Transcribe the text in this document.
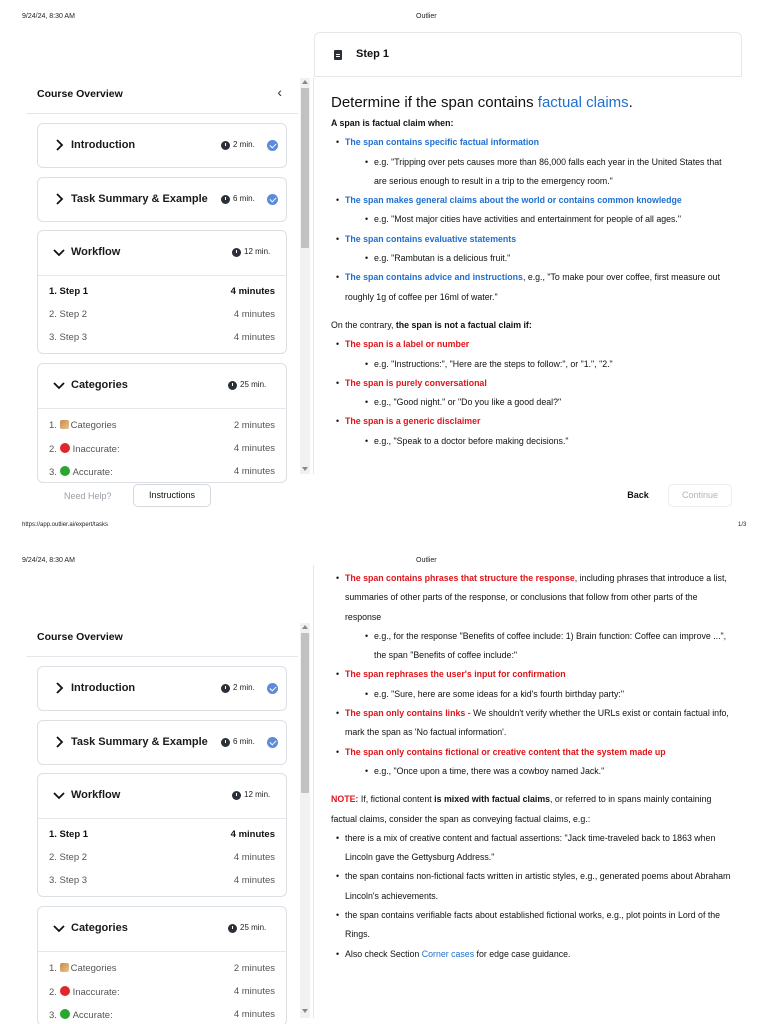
9/24/24, 8:30 AM	Outlier
Course Overview	‹
Introduction	2 min.
Task Summary & Example	6 min.
Workflow	12 min.
1. Step 1	4 minutes
2. Step 2	4 minutes
3. Step 3	4 minutes
Categories	25 min.
1. Categories	2 minutes
2. Inaccurate:	4 minutes
3. Accurate:	4 minutes
Step 1
Determine if the span contains factual claims.
A span is factual claim when:
• The span contains specific factual information
• e.g. "Tripping over pets causes more than 86,000 falls each year in the United States that are serious enough to result in a trip to the emergency room."
• The span makes general claims about the world or contains common knowledge
• e.g. "Most major cities have activities and entertainment for people of all ages."
• The span contains evaluative statements
• e.g. "Rambutan is a delicious fruit."
• The span contains advice and instructions, e.g., "To make pour over coffee, first measure out roughly 1g of coffee per 16ml of water."
On the contrary, the span is not a factual claim if:
• The span is a label or number
• e.g. "Instructions:", "Here are the steps to follow:", or "1.", "2."
• The span is purely conversational
• e.g., "Good night." or "Do you like a good deal?"
• The span is a generic disclaimer
• e.g., "Speak to a doctor before making decisions."
Need Help?	Instructions	Back	Continue
https://app.outlier.ai/expert/tasks	1/3
9/24/24, 8:30 AM	Outlier
Course Overview
Introduction	2 min.
Task Summary & Example	6 min.
Workflow	12 min.
1. Step 1	4 minutes
2. Step 2	4 minutes
3. Step 3	4 minutes
Categories	25 min.
1. Categories	2 minutes
2. Inaccurate:	4 minutes
3. Accurate:	4 minutes
• The span contains phrases that structure the response, including phrases that introduce a list, summaries of other parts of the response, or conclusions that follow from other parts of the response
• e.g., for the response "Benefits of coffee include: 1) Brain function: Coffee can improve ...", the span "Benefits of coffee include:"
• The span rephrases the user's input for confirmation
• e.g. "Sure, here are some ideas for a kid's fourth birthday party:"
• The span only contains links - We shouldn't verify whether the URLs exist or contain factual info, mark the span as 'No factual information'.
• The span only contains fictional or creative content that the system made up
• e.g., "Once upon a time, there was a cowboy named Jack."
NOTE: If, fictional content is mixed with factual claims, or referred to in spans mainly containing factual claims, consider the span as conveying factual claims, e.g.:
• there is a mix of creative content and factual assertions: "Jack time-traveled back to 1863 when Lincoln gave the Gettysburg Address."
• the span contains non-fictional facts written in artistic styles, e.g., generated poems about Abraham Lincoln's achievements.
• the span contains verifiable facts about established fictional works, e.g., plot points in Lord of the Rings.
• Also check Section Corner cases for edge case guidance.
